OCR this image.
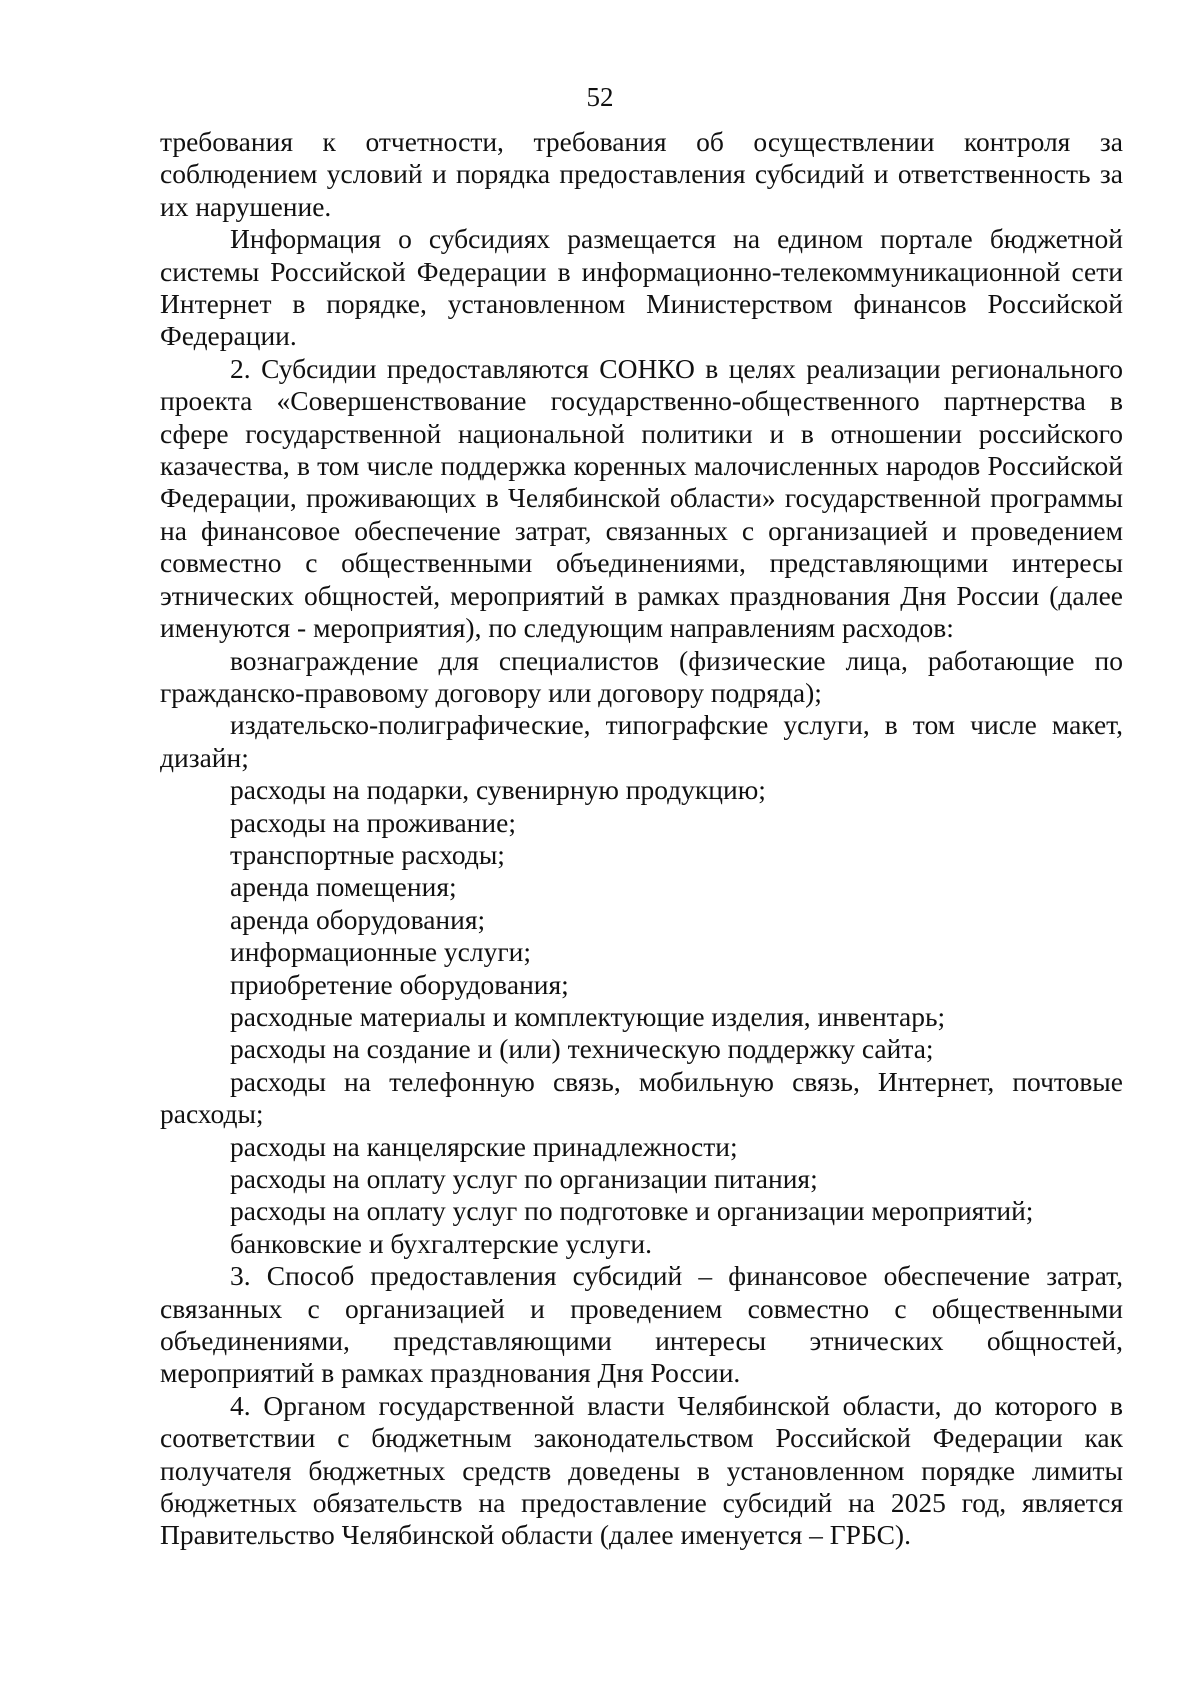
52

требования к отчетности, требования об осуществлении контроля за соблюдением условий и порядка предоставления субсидий и ответственность за их нарушение.

Информация о субсидиях размещается на едином портале бюджетной системы Российской Федерации в информационно-телекоммуникационной сети Интернет в порядке, установленном Министерством финансов Российской Федерации.

2. Субсидии предоставляются СОНКО в целях реализации регионального проекта «Совершенствование государственно-общественного партнерства в сфере государственной национальной политики и в отношении российского казачества, в том числе поддержка коренных малочисленных народов Российской Федерации, проживающих в Челябинской области» государственной программы на финансовое обеспечение затрат, связанных с организацией и проведением совместно с общественными объединениями, представляющими интересы этнических общностей, мероприятий в рамках празднования Дня России (далее именуются - мероприятия), по следующим направлениям расходов:

вознаграждение для специалистов (физические лица, работающие по гражданско-правовому договору или договору подряда);

издательско-полиграфические, типографские услуги, в том числе макет, дизайн;

расходы на подарки, сувенирную продукцию;

расходы на проживание;

транспортные расходы;

аренда помещения;

аренда оборудования;

информационные услуги;

приобретение оборудования;

расходные материалы и комплектующие изделия, инвентарь;

расходы на создание и (или) техническую поддержку сайта;

расходы на телефонную связь, мобильную связь, Интернет, почтовые расходы;

расходы на канцелярские принадлежности;

расходы на оплату услуг по организации питания;

расходы на оплату услуг по подготовке и организации мероприятий;

банковские и бухгалтерские услуги.

3. Способ предоставления субсидий – финансовое обеспечение затрат, связанных с организацией и проведением совместно с общественными объединениями, представляющими интересы этнических общностей, мероприятий в рамках празднования Дня России.

4. Органом государственной власти Челябинской области, до которого в соответствии с бюджетным законодательством Российской Федерации как получателя бюджетных средств доведены в установленном порядке лимиты бюджетных обязательств на предоставление субсидий на 2025 год, является Правительство Челябинской области (далее именуется – ГРБС).
